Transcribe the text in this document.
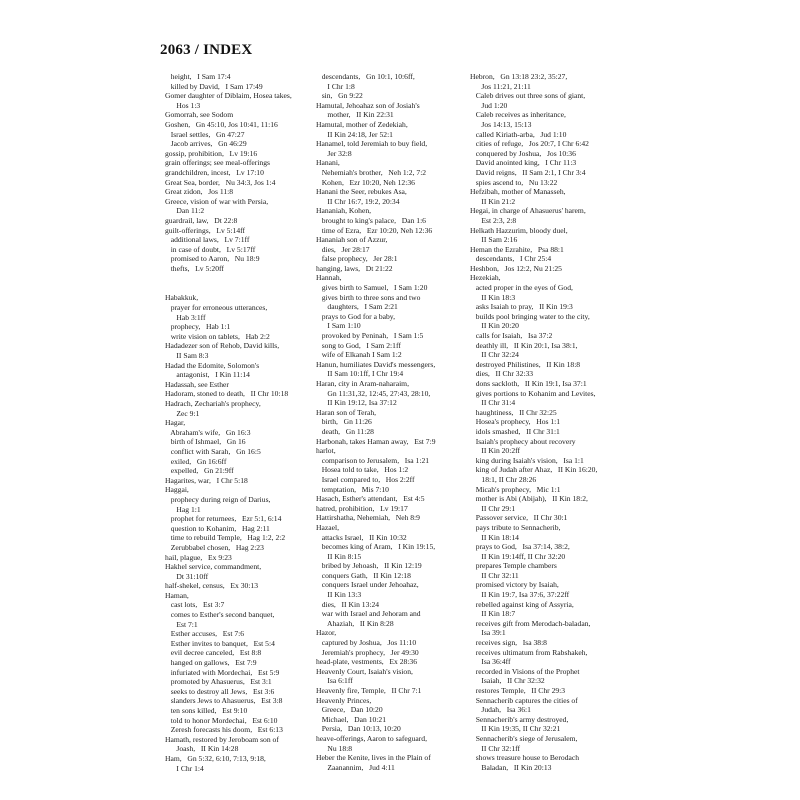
2063 / INDEX
height,   I Sam 17:4
killed by David,   I Sam 17:49
Gomer daughter of Diblaim, Hosea takes,
Hos 1:3
Gomorrah, see Sodom
Goshen,   Gn 45:10, Jos 10:41, 11:16
Israel settles,   Gn 47:27
Jacob arrives,   Gn 46:29
gossip, prohibition,   Lv 19:16
grain offerings; see meal-offerings
grandchildren, incest,   Lv 17:10
Great Sea, border,   Nu 34:3, Jos 1:4
Great zidon,   Jos 11:8
Greece, vision of war with Persia,
Dan 11:2
guardrail, law,   Dt 22:8
guilt-offerings,   Lv 5:14ff
additional laws,   Lv 7:1ff
in case of doubt,   Lv 5:17ff
promised to Aaron,   Nu 18:9
thefts,   Lv 5:20ff
Habakkuk,
prayer for erroneous utterances,
Hab 3:1ff
prophecy,   Hab 1:1
write vision on tablets,   Hab 2:2
Hadadezer son of Rehob, David kills,
II Sam 8:3
Hadad the Edomite, Solomon's
antagonist,   I Kin 11:14
Hadassah, see Esther
Hadoram, stoned to death,   II Chr 10:18
Hadrach, Zechariah's prophecy,
Zec 9:1
Hagar,
Abraham's wife,   Gn 16:3
birth of Ishmael,   Gn 16
conflict with Sarah,   Gn 16:5
exiled,   Gn 16:6ff
expelled,   Gn 21:9ff
Hagarites, war,   I Chr 5:18
Haggai,
prophecy during reign of Darius,
Hag 1:1
prophet for returnees,   Ezr 5:1, 6:14
question to Kohanim,   Hag 2:11
time to rebuild Temple,   Hag 1:2, 2:2
Zerubbabel chosen,   Hag 2:23
hail, plague,   Ex 9:23
Hakhel service, commandment,
Dt 31:10ff
half-shekel, census,   Ex 30:13
Haman,
cast lots,   Est 3:7
comes to Esther's second banquet,
Est 7:1
Esther accuses,   Est 7:6
Esther invites to banquet,   Est 5:4
evil decree canceled,   Est 8:8
hanged on gallows,   Est 7:9
infuriated with Mordechai,   Est 5:9
promoted by Ahasuerus,   Est 3:1
seeks to destroy all Jews,   Est 3:6
slanders Jews to Ahasuerus,   Est 3:8
ten sons killed,   Est 9:10
told to honor Mordechai,   Est 6:10
Zeresh forecasts his doom,   Est 6:13
Hamath, restored by Jeroboam son of
Joash,   II Kin 14:28
Ham,   Gn 5:32, 6:10, 7:13, 9:18,
I Chr 1:4
descendants,   Gn 10:1, 10:6ff,
I Chr 1:8
sin,   Gn 9:22
Hamutal, Jehoahaz son of Josiah's
mother,   II Kin 22:31
Hamutal, mother of Zedekiah,
II Kin 24:18, Jer 52:1
Hanamel, told Jeremiah to buy field,
Jer 32:8
Hanani,
Nehemiah's brother,   Neh 1:2, 7:2
Kohen,   Ezr 10:20, Neh 12:36
Hanani the Seer, rebukes Asa,
II Chr 16:7, 19:2, 20:34
Hananiah, Kohen,
brought to king's palace,   Dan 1:6
time of Ezra,   Ezr 10:20, Neh 12:36
Hananiah son of Azzur,
dies,   Jer 28:17
false prophecy,   Jer 28:1
hanging, laws,   Dt 21:22
Hannah,
gives birth to Samuel,   I Sam 1:20
gives birth to three sons and two
daughters,   I Sam 2:21
prays to God for a baby,
I Sam 1:10
provoked by Peninah,   I Sam 1:5
song to God,   I Sam 2:1ff
wife of Elkanah I Sam 1:2
Hanun, humiliates David's messengers,
II Sam 10:1ff, I Chr 19:4
Haran, city in Aram-naharaim,
Gn 11:31,32, 12:45, 27:43, 28:10,
II Kin 19:12, Isa 37:12
Haran son of Terah,
birth,   Gn 11:26
death,   Gn 11:28
Harbonah, takes Haman away,   Est 7:9
harlot,
comparison to Jerusalem,   Isa 1:21
Hosea told to take,   Hos 1:2
Israel compared to,   Hos 2:2ff
temptation,   Mis 7:10
Hasach, Esther's attendant,   Est 4:5
hatred, prohibition,   Lv 19:17
Hattirshatha, Nehemiah,   Neh 8:9
Hazael,
attacks Israel,   II Kin 10:32
becomes king of Aram,   I Kin 19:15,
II Kin 8:15
bribed by Jehoash,   II Kin 12:19
conquers Gath,   II Kin 12:18
conquers Israel under Jehoahaz,
II Kin 13:3
dies,   II Kin 13:24
war with Israel and Jehoram and
Ahaziah,   II Kin 8:28
Hazor,
captured by Joshua,   Jos 11:10
Jeremiah's prophecy,   Jer 49:30
head-plate, vestments,   Ex 28:36
Heavenly Court, Isaiah's vision,
Isa 6:1ff
Heavenly fire, Temple,   II Chr 7:1
Heavenly Princes,
Greece,   Dan 10:20
Michael,   Dan 10:21
Persia,   Dan 10:13, 10:20
heave-offerings, Aaron to safeguard,
Nu 18:8
Heber the Kenite, lives in the Plain of
Zaanannim,   Jud 4:11
Hebron,   Gn 13:18 23:2, 35:27,
Jos 11:21, 21:11
Caleb drives out three sons of giant,
Jud 1:20
Caleb receives as inheritance,
Jos 14:13, 15:13
called Kiriath-arba,   Jud 1:10
cities of refuge,   Jos 20:7, I Chr 6:42
conquered by Joshua,   Jos 10:36
David anointed king,   I Chr 11:3
David reigns,   II Sam 2:1, I Chr 3:4
spies ascend to,   Nu 13:22
Hefzibah, mother of Manasseh,
II Kin 21:2
Hegai, in charge of Ahasuerus' harem,
Est 2:3, 2:8
Helkath Hazzurim, bloody duel,
II Sam 2:16
Heman the Ezrahite,   Psa 88:1
descendants,   I Chr 25:4
Heshbon,   Jos 12:2, Nu 21:25
Hezekiah,
acted proper in the eyes of God,
II Kin 18:3
asks Isaiah to pray,   II Kin 19:3
builds pool bringing water to the city,
II Kin 20:20
calls for Isaiah,   Isa 37:2
deathly ill,   II Kin 20:1, Isa 38:1,
II Chr 32:24
destroyed Philistines,   II Kin 18:8
dies,   II Chr 32:33
dons sackloth,   II Kin 19:1, Isa 37:1
gives portions to Kohanim and Levites,
II Chr 31:4
haughtiness,   II Chr 32:25
Hosea's prophecy,   Hos 1:1
idols smashed,   II Chr 31:1
Isaiah's prophecy about recovery
II Kin 20:2ff
king during Isaiah's vision,   Isa 1:1
king of Judah after Ahaz,   II Kin 16:20,
18:1, II Chr 28:26
Micah's prophecy,   Mic 1:1
mother is Abi (Abijah),   II Kin 18:2,
II Chr 29:1
Passover service,   II Chr 30:1
pays tribute to Sennacherib,
II Kin 18:14
prays to God,   Isa 37:14, 38:2,
II Kin 19:14ff, II Chr 32:20
prepares Temple chambers
II Chr 32:11
promised victory by Isaiah,
II Kin 19:7, Isa 37:6, 37:22ff
rebelled against king of Assyria,
II Kin 18:7
receives gift from Merodach-baladan,
Isa 39:1
receives sign,   Isa 38:8
receives ultimatum from Rabshakeh,
Isa 36:4ff
recorded in Visions of the Prophet
Isaiah,   II Chr 32:32
restores Temple,   II Chr 29:3
Sennacherib captures the cities of
Judah,   Isa 36:1
Sennacherib's army destroyed,
II Kin 19:35, II Chr 32:21
Sennacherib's siege of Jerusalem,
II Chr 32:1ff
shows treasure house to Berodach
Baladan,   II Kin 20:13
